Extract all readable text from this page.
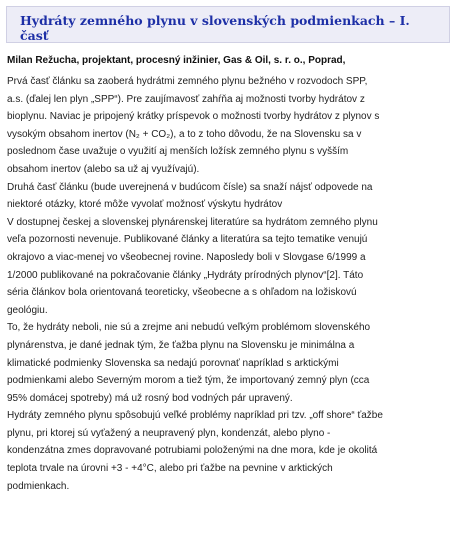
Hydráty zemného plynu v slovenských podmienkach – I.
časť
Milan Režucha, projektant, procesný inžinier, Gas & Oil, s. r. o., Poprad,
Prvá časť článku sa zaoberá hydrátmi zemného plynu bežného v rozvodoch SPP,
a.s. (ďalej len plyn „SPP“). Pre zaujímavosť zahŕňa aj možnosti tvorby hydrátov z
bioplynu. Naviac je pripojený krátky príspevok o možnosti tvorby hydrátov z plynov s
vysokým obsahom inertov (N₂ + CO₂), a to z toho dôvodu, že na Slovensku sa v
poslednom čase uvažuje o využití aj menších ložísk zemného plynu s vyšším
obsahom inertov (alebo sa už aj využívajú).
Druhá časť článku (bude uverejnená v budúcom čísle) sa snaží nájsť odpovede na
niektoré otázky, ktoré môže vyvolať možnosť výskytu hydrátov
V dostupnej českej a slovenskej plynárenskej literatúre sa hydrátom zemného plynu
veľa pozornosti nevenuje. Publikované články a literatúra sa tejto tematike venujú
okrajovo a viac-menej vo všeobecnej rovine. Naposledy boli v Slovgase 6/1999 a
1/2000 publikované na pokračovanie články „Hydráty prírodných plynov“[2]. Táto
séria článkov bola orientovaná teoreticky, všeobecne a s ohľadom na ložiskovú
geológiu.
To, že hydráty neboli, nie sú a zrejme ani nebudú veľkým problémom slovenského
plynárenstva, je dané jednak tým, že ťažba plynu na Slovensku je minimálna a
klimatické podmienky Slovenska sa nedajú porovnať napríklad s arktickými
podmienkami alebo Severným morom a tiež tým, že importovaný zemný plyn (cca
95% domácej spotreby) má už rosný bod vodných pár upravený.
Hydráty zemného plynu spôsobujú veľké problémy napríklad pri tzv. „off shore“ ťažbe
plynu, pri ktorej sú vyťažený a neupravený plyn, kondenzát, alebo plyno -
kondenzátna zmes dopravované potrubiami položenými na dne mora, kde je okolitá
teplota trvale na úrovni +3 - +4°C, alebo pri ťažbe na pevnine v arktických
podmienkach.
